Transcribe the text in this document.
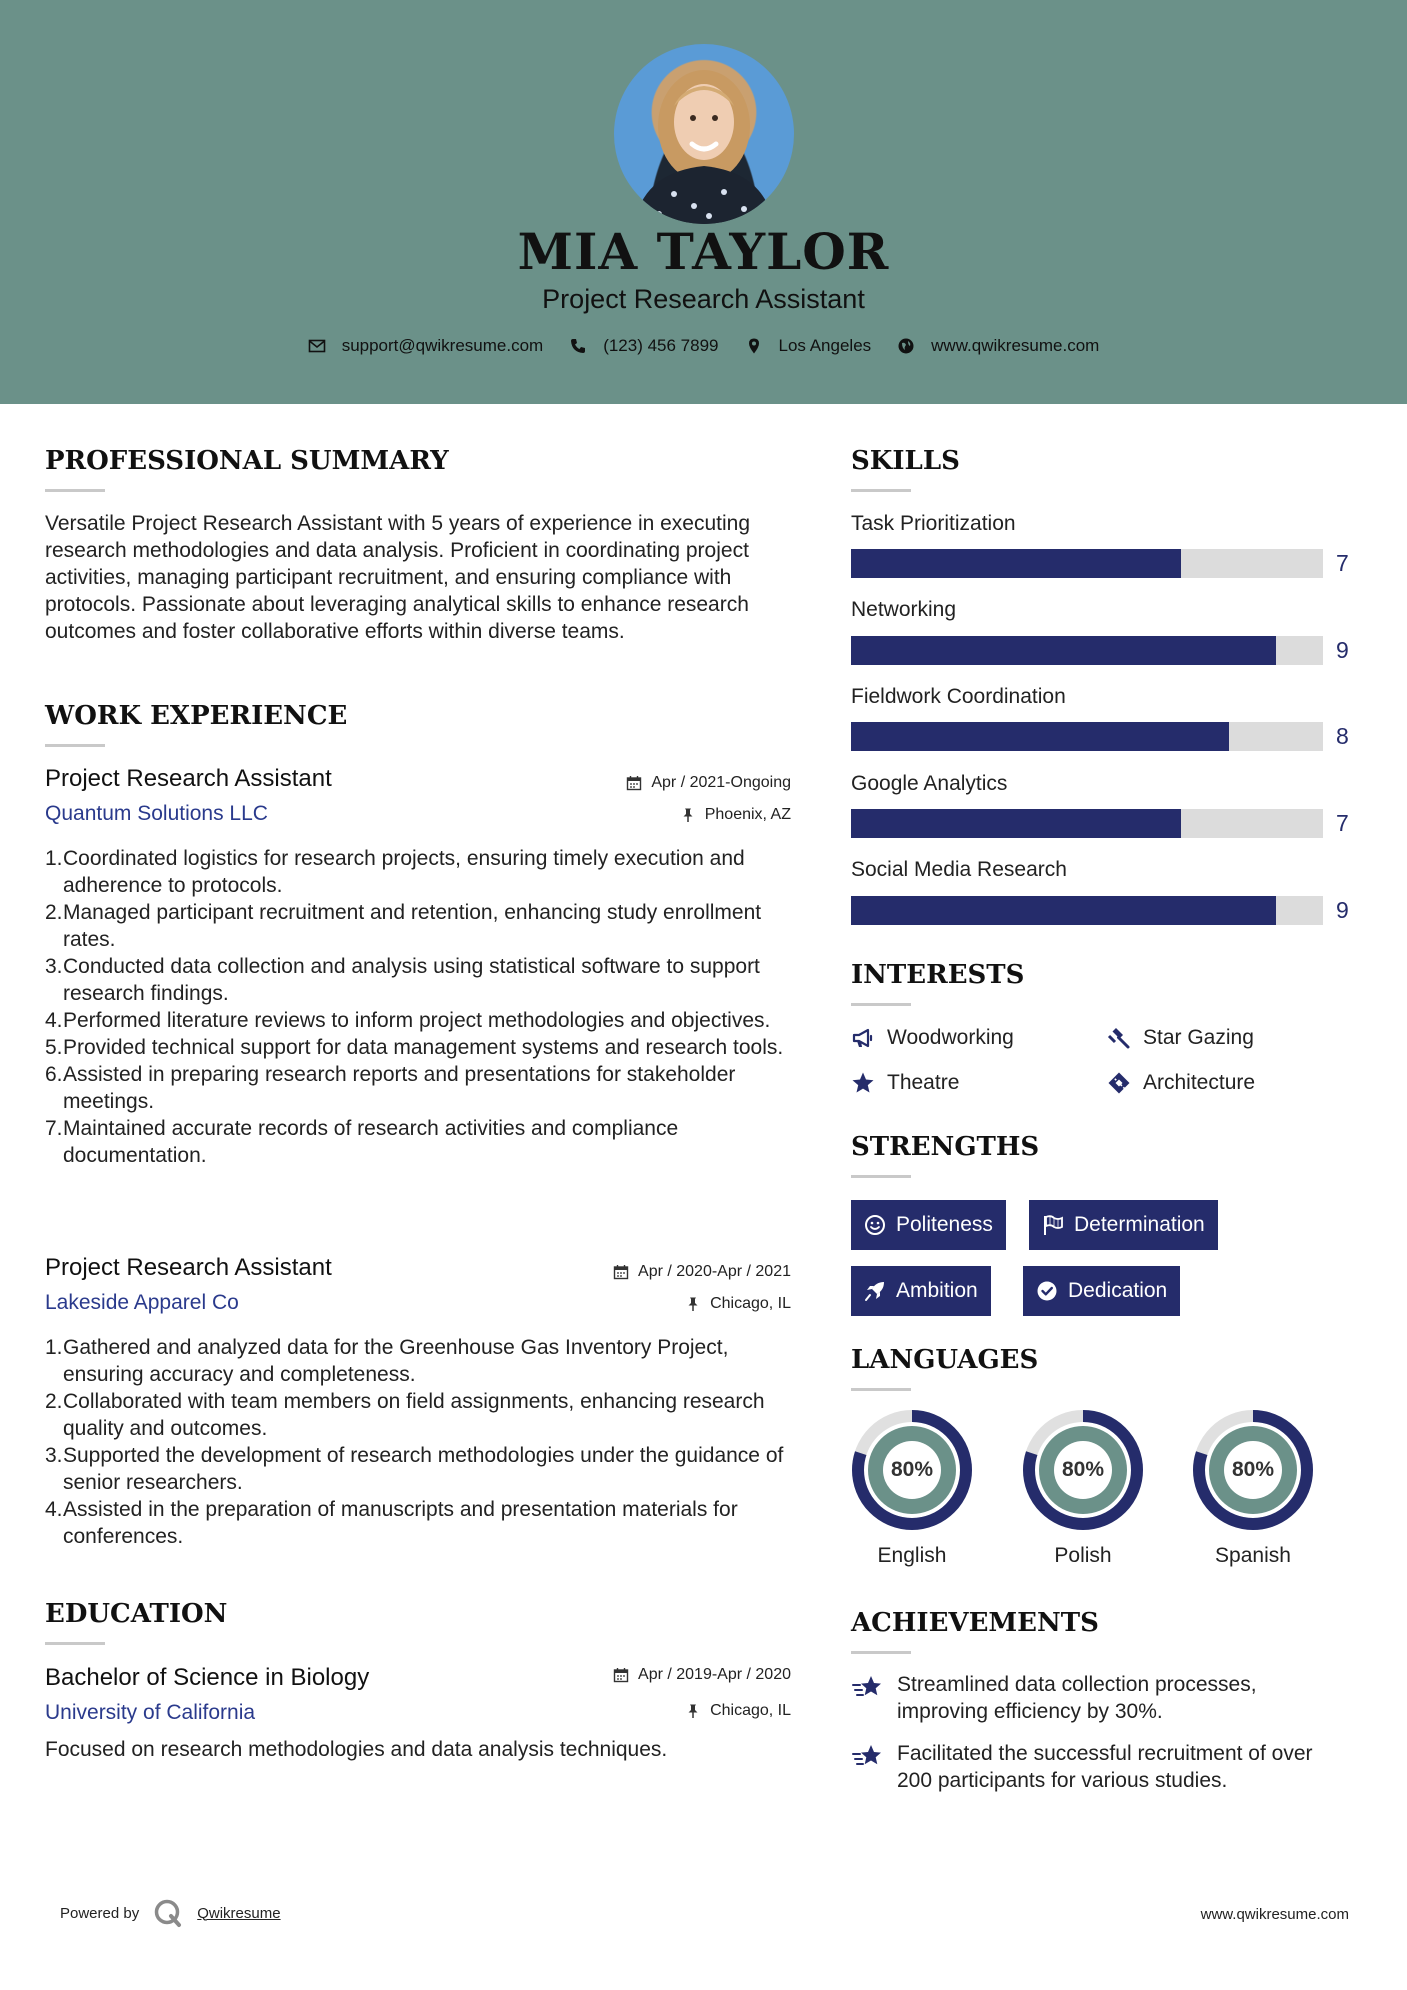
MIA TAYLOR
Project Research Assistant
support@qwikresume.com	(123) 456 7899	Los Angeles	www.qwikresume.com
PROFESSIONAL SUMMARY
Versatile Project Research Assistant with 5 years of experience in executing research methodologies and data analysis. Proficient in coordinating project activities, managing participant recruitment, and ensuring compliance with protocols. Passionate about leveraging analytical skills to enhance research outcomes and foster collaborative efforts within diverse teams.
WORK EXPERIENCE
Project Research Assistant
Quantum Solutions LLC
Apr / 2021-Ongoing
Phoenix, AZ
1. Coordinated logistics for research projects, ensuring timely execution and adherence to protocols.
2. Managed participant recruitment and retention, enhancing study enrollment rates.
3. Conducted data collection and analysis using statistical software to support research findings.
4. Performed literature reviews to inform project methodologies and objectives.
5. Provided technical support for data management systems and research tools.
6. Assisted in preparing research reports and presentations for stakeholder meetings.
7. Maintained accurate records of research activities and compliance documentation.
Project Research Assistant
Lakeside Apparel Co
Apr / 2020-Apr / 2021
Chicago, IL
1. Gathered and analyzed data for the Greenhouse Gas Inventory Project, ensuring accuracy and completeness.
2. Collaborated with team members on field assignments, enhancing research quality and outcomes.
3. Supported the development of research methodologies under the guidance of senior researchers.
4. Assisted in the preparation of manuscripts and presentation materials for conferences.
EDUCATION
Bachelor of Science in Biology
University of California
Apr / 2019-Apr / 2020
Chicago, IL
Focused on research methodologies and data analysis techniques.
SKILLS
Task Prioritization
7
Networking
9
Fieldwork Coordination
8
Google Analytics
7
Social Media Research
9
INTERESTS
Woodworking	Star Gazing
Theatre	Architecture
STRENGTHS
Politeness	Determination
Ambition	Dedication
LANGUAGES
80%
English
80%
Polish
80%
Spanish
ACHIEVEMENTS
Streamlined data collection processes, improving efficiency by 30%.
Facilitated the successful recruitment of over 200 participants for various studies.
Powered by	Qwikresume	www.qwikresume.com
